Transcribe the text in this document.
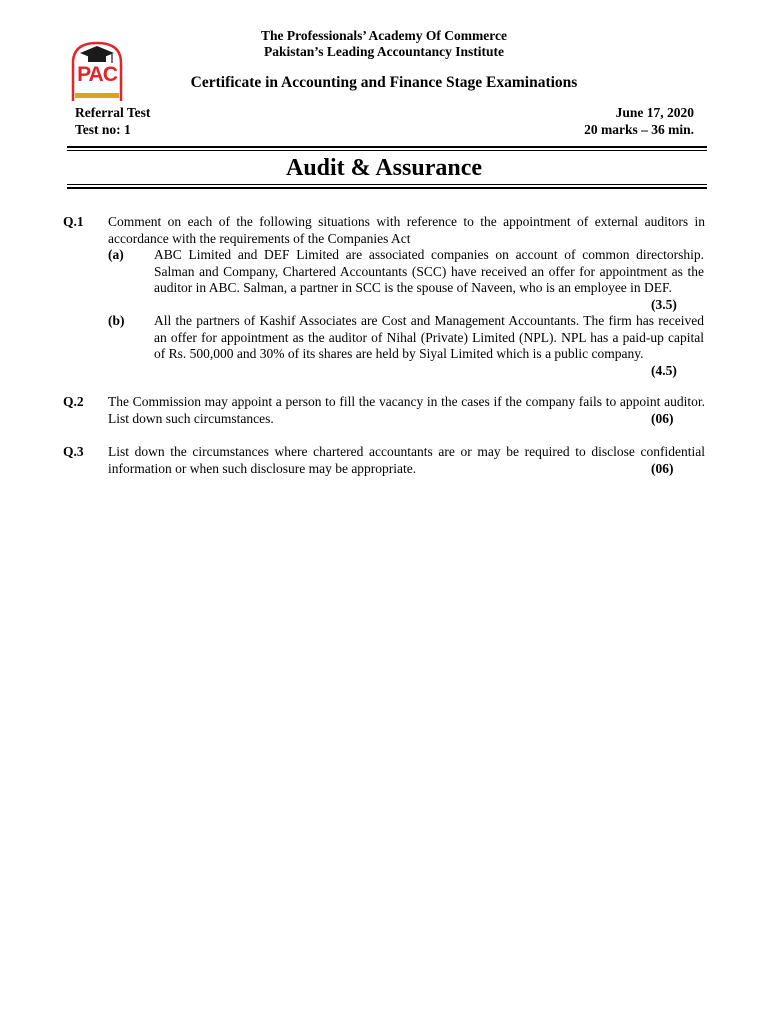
PAC
The Professionals’ Academy Of Commerce
Pakistan’s Leading Accountancy Institute
Certificate in Accounting and Finance Stage Examinations
Referral Test
Test no: 1
June 17, 2020
20 marks – 36 min.
Audit & Assurance
Q.1 Comment on each of the following situations with reference to the appointment of external auditors in accordance with the requirements of the Companies Act
(a) ABC Limited and DEF Limited are associated companies on account of common directorship. Salman and Company, Chartered Accountants (SCC) have received an offer for appointment as the auditor in ABC. Salman, a partner in SCC is the spouse of Naveen, who is an employee in DEF.
(3.5)
(b) All the partners of Kashif Associates are Cost and Management Accountants. The firm has received an offer for appointment as the auditor of Nihal (Private) Limited (NPL). NPL has a paid-up capital of Rs. 500,000 and 30% of its shares are held by Siyal Limited which is a public company.
(4.5)
Q.2 The Commission may appoint a person to fill the vacancy in the cases if the company fails to appoint auditor. List down such circumstances.	(06)
Q.3 List down the circumstances where chartered accountants are or may be required to disclose confidential information or when such disclosure may be appropriate.	(06)
